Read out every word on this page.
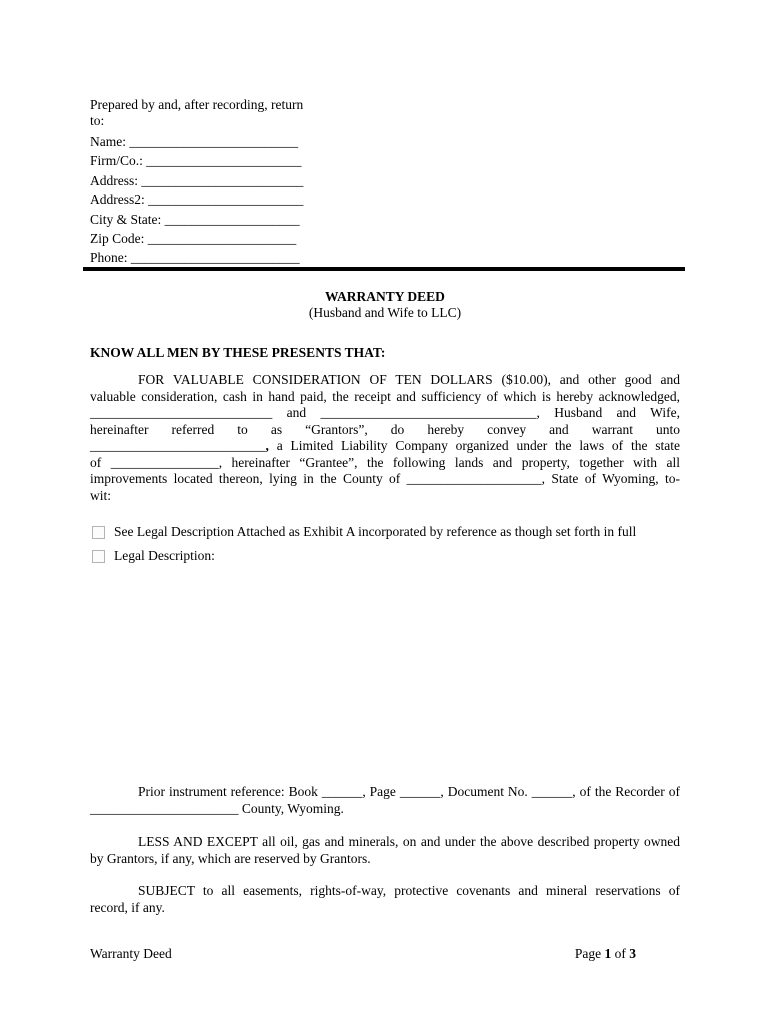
Prepared by and, after recording, return to:
Name: _________________________
Firm/Co.: _______________________
Address: ________________________
Address2: _______________________
City & State: ____________________
Zip Code: ______________________
Phone: _________________________
WARRANTY DEED
(Husband and Wife to LLC)
KNOW ALL MEN BY THESE PRESENTS THAT:
FOR VALUABLE CONSIDERATION OF TEN DOLLARS ($10.00), and other good and
valuable consideration, cash in hand paid, the receipt and sufficiency of which is hereby acknowledged,
___________________________ and ________________________________, Husband and Wife,
hereinafter referred to as “Grantors”, do hereby convey and warrant unto
__________________________, a Limited Liability Company organized under the laws of the state
of ________________, hereinafter “Grantee”, the following lands and property, together with all
improvements located thereon, lying in the County of ____________________, State of Wyoming, to-
wit:
See Legal Description Attached as Exhibit A incorporated by reference as though set forth in full
Legal Description:
Prior instrument reference: Book ______, Page ______, Document No. ______, of the Recorder of
______________________ County, Wyoming.
LESS AND EXCEPT all oil, gas and minerals, on and under the above described property owned
by Grantors, if any, which are reserved by Grantors.
SUBJECT to all easements, rights-of-way, protective covenants and mineral reservations of
record, if any.
Warranty Deed	Page 1 of 3
